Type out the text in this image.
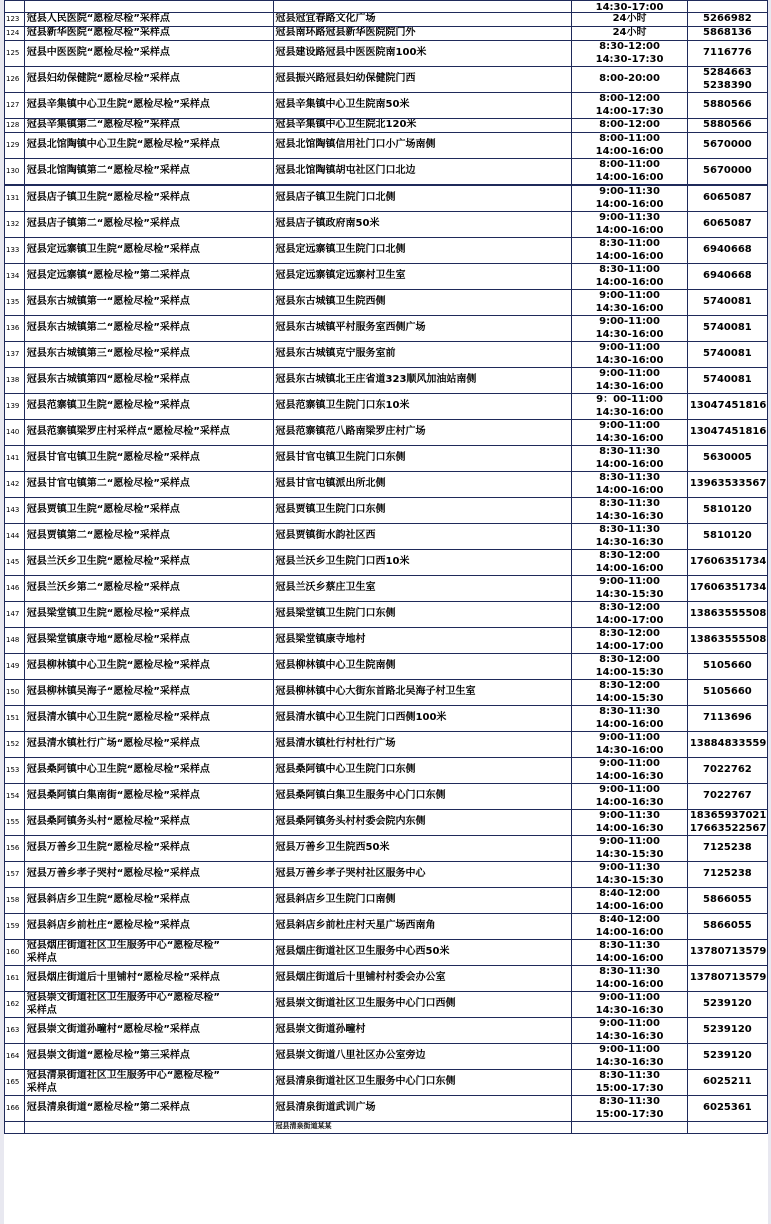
			14:30-17:00	
123	冠县人民医院“愿检尽检”采样点	冠县冠宜春路文化广场	24小时	5266982
124	冠县新华医院“愿检尽检”采样点	冠县南环路冠县新华医院院门外	24小时	5868136
125	冠县中医医院“愿检尽检”采样点	冠县建设路冠县中医医院南100米	8:30-12:00
14:30-17:30	7116776
126	冠县妇幼保健院“愿检尽检”采样点	冠县振兴路冠县妇幼保健院门西	8:00-20:00	5284663
5238390
127	冠县辛集镇中心卫生院“愿检尽检”采样点	冠县辛集镇中心卫生院南50米	8:00-12:00
14:00-17:30	5880566
128	冠县辛集镇第二“愿检尽检”采样点	冠县辛集镇中心卫生院北120米	8:00-12:00	5880566
129	冠县北馆陶镇中心卫生院“愿检尽检”采样点	冠县北馆陶镇信用社门口小广场南侧	8:00-11:00
14:00-16:00	5670000
130	冠县北馆陶镇第二“愿检尽检”采样点	冠县北馆陶镇胡屯社区门口北边	8:00-11:00
14:00-16:00	5670000
131	冠县店子镇卫生院“愿检尽检”采样点	冠县店子镇卫生院门口北侧	9:00-11:30
14:00-16:00	6065087
132	冠县店子镇第二“愿检尽检”采样点	冠县店子镇政府南50米	9:00-11:30
14:00-16:00	6065087
133	冠县定远寨镇卫生院“愿检尽检”采样点	冠县定远寨镇卫生院门口北侧	8:30-11:00
14:00-16:00	6940668
134	冠县定远寨镇“愿检尽检”第二采样点	冠县定远寨镇定远寨村卫生室	8:30-11:00
14:00-16:00	6940668
135	冠县东古城镇第一“愿检尽检”采样点	冠县东古城镇卫生院西侧	9:00-11:00
14:30-16:00	5740081
136	冠县东古城镇第二“愿检尽检”采样点	冠县东古城镇平村服务室西侧广场	9:00-11:00
14:30-16:00	5740081
137	冠县东古城镇第三“愿检尽检”采样点	冠县东古城镇克宁服务室前	9:00-11:00
14:30-16:00	5740081
138	冠县东古城镇第四“愿检尽检”采样点	冠县东古城镇北王庄省道323顺风加油站南侧	9:00-11:00
14:30-16:00	5740081
139	冠县范寨镇卫生院“愿检尽检”采样点	冠县范寨镇卫生院门口东10米	9：00-11:00
14:30-16:00	13047451816
140	冠县范寨镇梁罗庄村采样点“愿检尽检”采样点	冠县范寨镇范八路南梁罗庄村广场	9:00-11:00
14:30-16:00	13047451816
141	冠县甘官屯镇卫生院“愿检尽检”采样点	冠县甘官屯镇卫生院门口东侧	8:30-11:30
14:00-16:00	5630005
142	冠县甘官屯镇第二“愿检尽检”采样点	冠县甘官屯镇派出所北侧	8:30-11:30
14:00-16:00	13963533567
143	冠县贾镇卫生院“愿检尽检”采样点	冠县贾镇卫生院门口东侧	8:30-11:30
14:30-16:30	5810120
144	冠县贾镇第二“愿检尽检”采样点	冠县贾镇街水韵社区西	8:30-11:30
14:30-16:30	5810120
145	冠县兰沃乡卫生院“愿检尽检”采样点	冠县兰沃乡卫生院门口西10米	8:30-12:00
14:00-16:00	17606351734
146	冠县兰沃乡第二“愿检尽检”采样点	冠县兰沃乡蔡庄卫生室	9:00-11:00
14:30-15:30	17606351734
147	冠县梁堂镇卫生院“愿检尽检”采样点	冠县梁堂镇卫生院门口东侧	8:30-12:00
14:00-17:00	13863555508
148	冠县梁堂镇康寺地“愿检尽检”采样点	冠县梁堂镇康寺地村	8:30-12:00
14:00-17:00	13863555508
149	冠县柳林镇中心卫生院“愿检尽检”采样点	冠县柳林镇中心卫生院南侧	8:30-12:00
14:00-15:30	5105660
150	冠县柳林镇吴海子“愿检尽检”采样点	冠县柳林镇中心大街东首路北吴海子村卫生室	8:30-12:00
14:00-15:30	5105660
151	冠县清水镇中心卫生院“愿检尽检”采样点	冠县清水镇中心卫生院门口西侧100米	8:30-11:30
14:00-16:00	7113696
152	冠县清水镇杜行广场“愿检尽检”采样点	冠县清水镇杜行村杜行广场	9:00-11:00
14:30-16:00	13884833559
153	冠县桑阿镇中心卫生院“愿检尽检”采样点	冠县桑阿镇中心卫生院门口东侧	9:00-11:00
14:00-16:30	7022762
154	冠县桑阿镇白集南街“愿检尽检”采样点	冠县桑阿镇白集卫生服务中心门口东侧	9:00-11:00
14:00-16:30	7022767
155	冠县桑阿镇务头村“愿检尽检”采样点	冠县桑阿镇务头村村委会院内东侧	9:00-11:30
14:00-16:30	18365937021
17663522567
156	冠县万善乡卫生院“愿检尽检”采样点	冠县万善乡卫生院西50米	9:00-11:00
14:30-15:30	7125238
157	冠县万善乡孝子哭村“愿检尽检”采样点	冠县万善乡孝子哭村社区服务中心	9:00-11:30
14:30-15:30	7125238
158	冠县斜店乡卫生院“愿检尽检”采样点	冠县斜店乡卫生院门口南侧	8:40-12:00
14:00-16:00	5866055
159	冠县斜店乡前杜庄“愿检尽检”采样点	冠县斜店乡前杜庄村天星广场西南角	8:40-12:00
14:00-16:00	5866055
160	冠县烟庄街道社区卫生服务中心“愿检尽检”
采样点	冠县烟庄街道社区卫生服务中心西50米	8:30-11:30
14:00-16:00	13780713579
161	冠县烟庄街道后十里铺村“愿检尽检”采样点	冠县烟庄街道后十里铺村村委会办公室	8:30-11:30
14:00-16:00	13780713579
162	冠县崇文街道社区卫生服务中心“愿检尽检”
采样点	冠县崇文街道社区卫生服务中心门口西侧	9:00-11:00
14:30-16:30	5239120
163	冠县崇文街道孙疃村“愿检尽检”采样点	冠县崇文街道孙疃村	9:00-11:00
14:30-16:30	5239120
164	冠县崇文街道“愿检尽检”第三采样点	冠县崇文街道八里社区办公室旁边	9:00-11:00
14:30-16:30	5239120
165	冠县清泉街道社区卫生服务中心“愿检尽检”
采样点	冠县清泉街道社区卫生服务中心门口东侧	8:30-11:30
15:00-17:30	6025211
166	冠县清泉街道“愿检尽检”第二采样点	冠县清泉街道武训广场	8:30-11:30
15:00-17:30	6025361
		冠县清泉街道某某		
